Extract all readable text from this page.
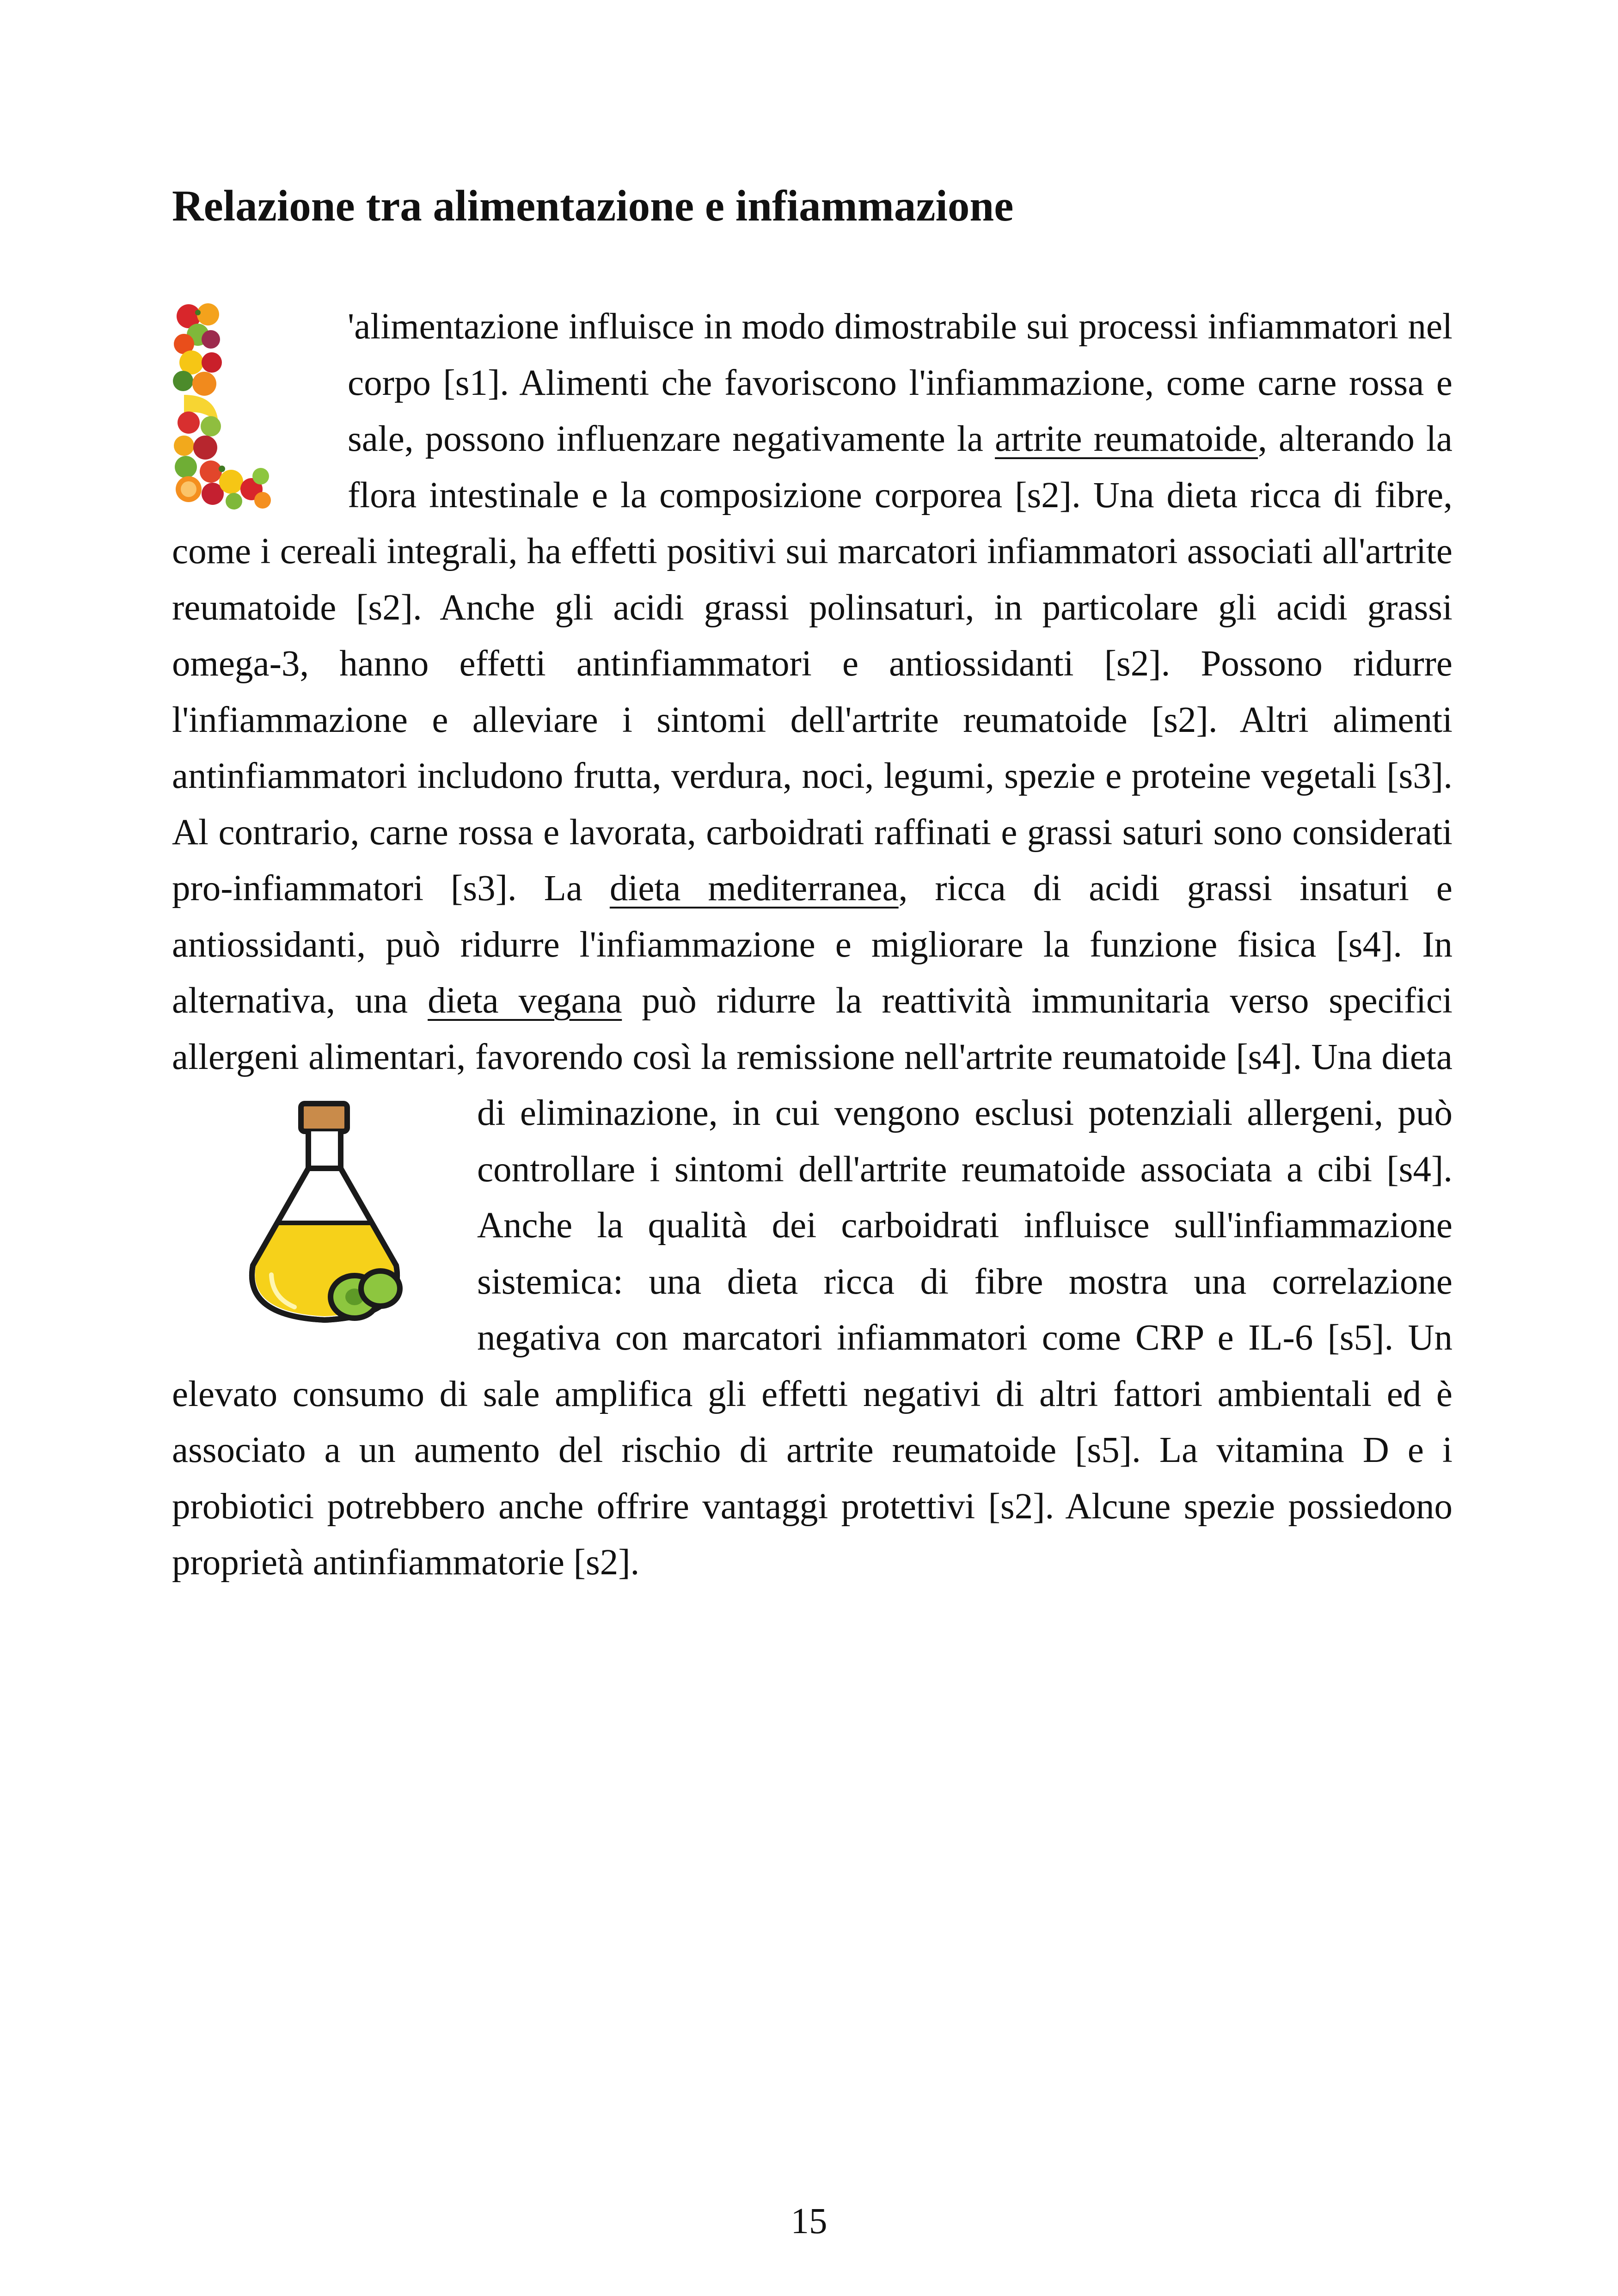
Relazione tra alimentazione e infiammazione
'alimentazione influisce in modo dimostrabile sui processi infiammatori nel corpo [s1]. Alimenti che favoriscono l'infiammazione, come carne rossa e sale, possono influenzare negativamente la artrite reumatoide, alterando la flora intestinale e la composizione corporea [s2]. Una dieta ricca di fibre, come i cereali integrali, ha effetti positivi sui marcatori infiammatori associati all'artrite reumatoide [s2]. Anche gli acidi grassi polinsaturi, in particolare gli acidi grassi omega-3, hanno effetti antinfiammatori e antiossidanti [s2]. Possono ridurre l'infiammazione e alleviare i sintomi dell'artrite reumatoide [s2]. Altri alimenti antinfiammatori includono frutta, verdura, noci, legumi, spezie e proteine vegetali [s3]. Al contrario, carne rossa e lavorata, carboidrati raffinati e grassi saturi sono considerati pro-infiammatori [s3]. La dieta mediterranea, ricca di acidi grassi insaturi e antiossidanti, può ridurre l'infiammazione e migliorare la funzione fisica [s4]. In alternativa, una dieta vegana può ridurre la reattività immunitaria verso specifici allergeni alimentari, favorendo così la remissione nell'artrite reumatoide [s4]. Una dieta di eliminazione, in cui vengono esclusi potenziali allergeni, può
controllare i sintomi dell'artrite reumatoide associata a cibi [s4]. Anche la qualità dei carboidrati influisce sull'infiammazione sistemica: una dieta ricca di fibre mostra una correlazione negativa con marcatori infiammatori come CRP e IL-6 [s5]. Un elevato consumo di sale amplifica gli effetti negativi di altri fattori ambientali ed è associato a un aumento del rischio di artrite reumatoide [s5]. La vitamina D e i probiotici potrebbero anche offrire vantaggi protettivi [s2]. Alcune spezie possiedono proprietà antinfiammatorie [s2].
15
